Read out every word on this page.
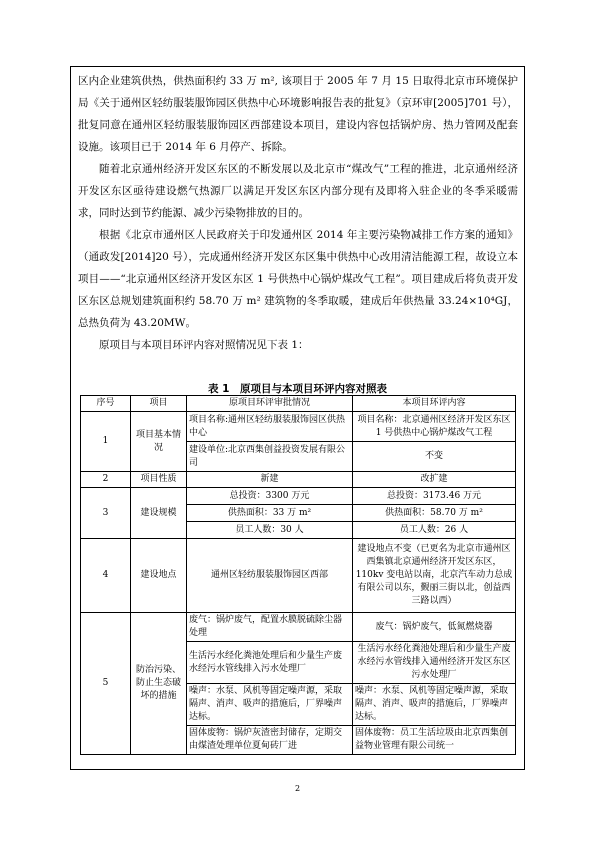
区内企业建筑供热，供热面积约 33 万 m², 该项目于 2005 年 7 月 15 日取得北京市环境保护局《关于通州区轻纺服装服饰园区供热中心环境影响报告表的批复》（京环审[2005]701 号），批复同意在通州区轻纺服装服饰园区西部建设本项目，建设内容包括锅炉房、热力管网及配套设施。该项目已于 2014 年 6 月停产、拆除。

随着北京通州经济开发区东区的不断发展以及北京市“煤改气”工程的推进，北京通州经济开发区东区亟待建设燃气热源厂以满足开发区东区内部分现有及即将入驻企业的冬季采暖需求，同时达到节约能源、减少污染物排放的目的。

根据《北京市通州区人民政府关于印发通州区 2014 年主要污染物减排工作方案的通知》（通政发[2014]20 号），完成通州经济开发区东区集中供热中心改用清洁能源工程，故设立本项目——“北京通州区经济开发区东区 1 号供热中心锅炉煤改气工程”。项目建成后将负责开发区东区总规划建筑面积约 58.70 万 m² 建筑物的冬季取暖，建成后年供热量 33.24×10⁴GJ，总热负荷为 43.20MW。

原项目与本项目环评内容对照情况见下表 1：

表 1　原项目与本项目环评内容对照表
序号	项目	原项目环评审批情况	本项目环评内容
1	项目基本情况	项目名称:通州区轻纺服装服饰园区供热中心	项目名称：北京通州区经济开发区东区 1 号供热中心锅炉煤改气工程
		建设单位:北京西集创益投资发展有限公司	不变
2	项目性质	新建	改扩建
3	建设规模	总投资：3300 万元	总投资：3173.46 万元
		供热面积：33 万 m²	供热面积：58.70 万 m²
		员工人数：30 人	员工人数：26 人
4	建设地点	通州区轻纺服装服饰园区西部	建设地点不变（已更名为北京市通州区西集镇北京通州经济开发区东区，110kv 变电站以南，北京汽车动力总成有限公司以东，觐丽三街以北，创益西三路以西）
5	防治污染、防止生态破坏的措施	废气：锅炉废气，配置水膜脱硫除尘器处理	废气：锅炉废气，低氮燃烧器
		生活污水经化粪池处理后和少量生产废水经污水管线排入污水处理厂	生活污水经化粪池处理后和少量生产废水经污水管线排入通州经济开发区东区污水处理厂
		噪声：水泵、风机等固定噪声源，采取隔声、消声、吸声的措施后，厂界噪声达标。	噪声：水泵、风机等固定噪声源，采取隔声、消声、吸声的措施后，厂界噪声达标。
		固体废物：锅炉灰渣密封储存，定期交由煤渣处理单位夏甸砖厂进	固体废物：员工生活垃圾由北京西集创益物业管理有限公司统一
2
